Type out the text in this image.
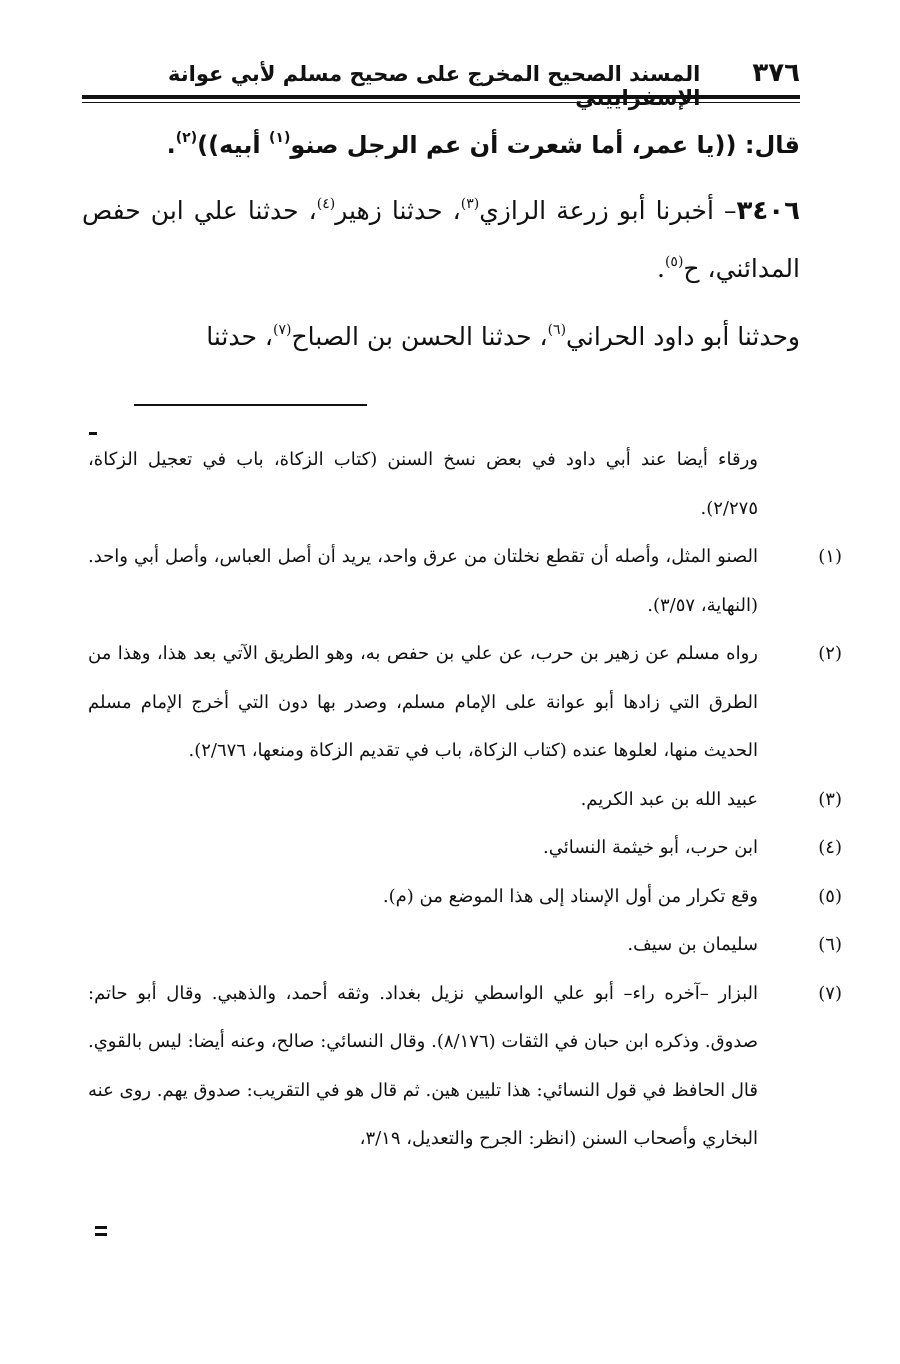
٣٧٦
المسند الصحيح المخرج على صحيح مسلم لأبي عوانة
قال: ((يا عمر، أما شعرت أن عم الرجل صنو$^{(١)}$ أبيه))$^{(٢)}$.
٣٤٠٦– أخبرنا أبو زرعة الرازي$^{(٣)}$، حدثنا زهير$^{(٤)}$، حدثنا علي ابن حفص المدائني، ح$^{(٥)}$.
وحدثنا أبو داود الحراني$^{(٦)}$، حدثنا الحسن بن الصباح$^{(٧)}$، حدثنا

ورقاء أيضا عند أبي داود في بعض نسخ السنن (كتاب الزكاة، باب في تعجيل الزكاة، ٢/٢٧٥).

(١)الصنو المثل، وأصله أن تقطع نخلتان من عرق واحد، يريد أن أصل العباس، وأصل أبي واحد. (النهاية، ٣/٥٧).

(٢)رواه مسلم عن زهير بن حرب، عن علي بن حفص به، وهو الطريق الآتي بعد هذا، وهذا من الطرق التي زادها أبو عوانة على الإمام مسلم، وصدر بها دون التي أخرج الإمام مسلم الحديث منها، لعلوها عنده (كتاب الزكاة، باب في تقديم الزكاة ومنعها، ٢/٦٧٦).

(٣)عبيد الله بن عبد الكريم.

(٤)ابن حرب، أبو خيثمة النسائي.

(٥)وقع تكرار من أول الإسناد إلى هذا الموضع من (م).

(٦)سليمان بن سيف.

(٧)البزار –آخره راء– أبو علي الواسطي نزيل بغداد. وثقه أحمد، والذهبي. وقال أبو حاتم: صدوق. وذكره ابن حبان في الثقات (٨/١٧٦). وقال النسائي: صالح، وعنه أيضا: ليس بالقوي. قال الحافظ في قول النسائي: هذا تليين هين. ثم قال هو في التقريب: صدوق يهم. روى عنه البخاري وأصحاب السنن (انظر: الجرح والتعديل، ٣/١٩،
